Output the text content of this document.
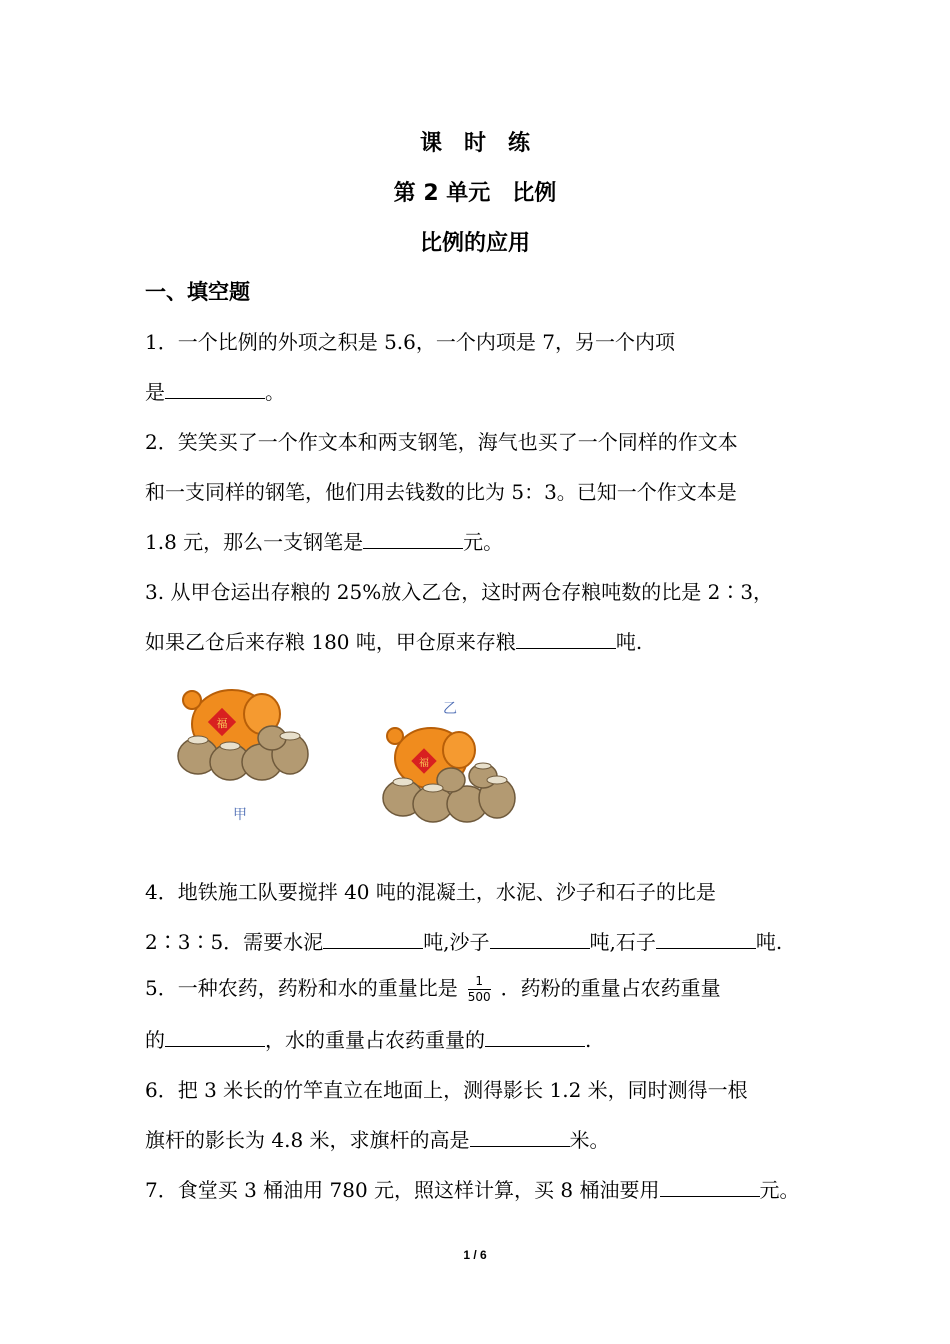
课　时　练
第 2 单元　比例
比例的应用
一、填空题
1．一个比例的外项之积是 5.6，一个内项是 7，另一个内项
是	。
2．笑笑买了一个作文本和两支钢笔，海气也买了一个同样的作文本
和一支同样的钢笔，他们用去钱数的比为 5：3。已知一个作文本是
1.8 元，那么一支钢笔是	元。
3. 从甲仓运出存粮的 25%放入乙仓，这时两仓存粮吨数的比是 2∶3，
如果乙仓后来存粮 180 吨，甲仓原来存粮	吨.
福
甲
乙
福
4．地铁施工队要搅拌 40 吨的混凝土，水泥、沙子和石子的比是
2∶3∶5．需要水泥	吨,沙子	吨,石子	吨.
5．一种农药，药粉和水的重量比是 $\frac{1}{500}$ ．药粉的重量占农药重量
的	，水的重量占农药重量的	.
6．把 3 米长的竹竿直立在地面上，测得影长 1.2 米，同时测得一根
旗杆的影长为 4.8 米，求旗杆的高是	米。
7．食堂买 3 桶油用 780 元，照这样计算，买 8 桶油要用	元。
1 / 6
